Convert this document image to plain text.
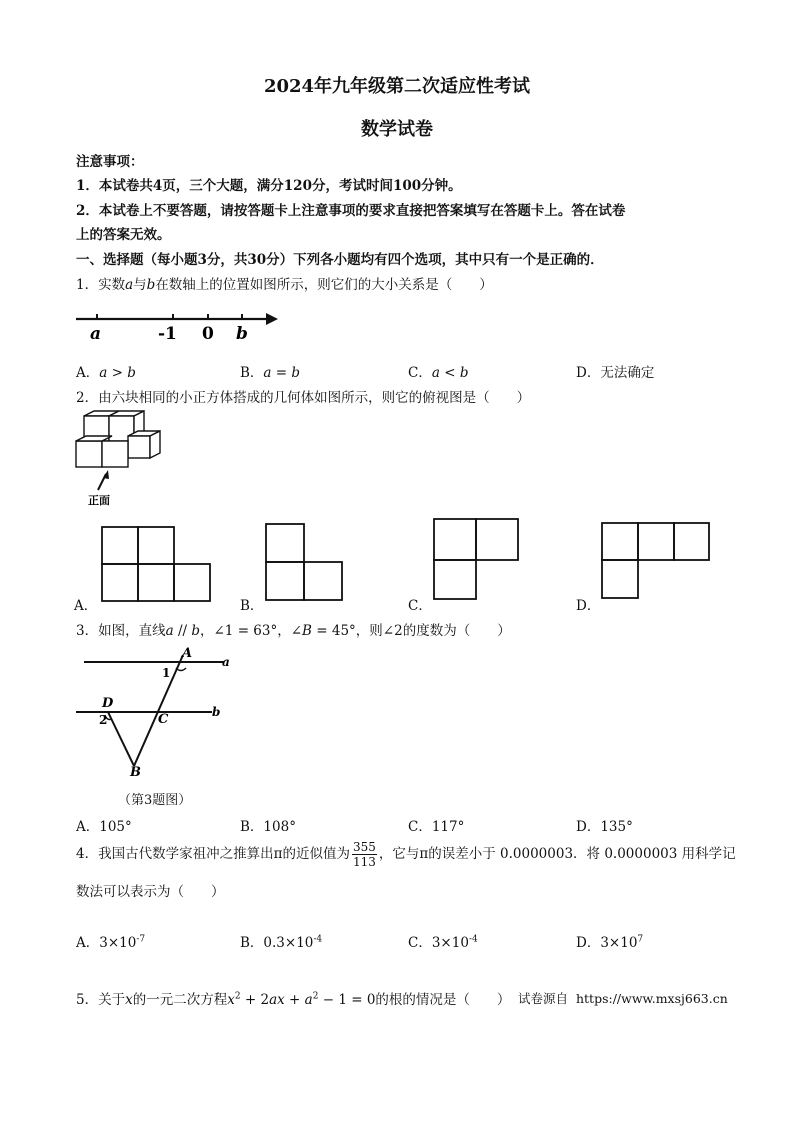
2024年九年级第二次适应性考试
数学试卷
注意事项：
1．本试卷共4页，三个大题，满分120分，考试时间100分钟。
2．本试卷上不要答题，请按答题卡上注意事项的要求直接把答案填写在答题卡上。答在试卷
上的答案无效。
一、选择题（每小题3分，共30分）下列各小题均有四个选项，其中只有一个是正确的．
1．实数a与b在数轴上的位置如图所示，则它们的大小关系是（　　）
a	-1 0 b
A．a > b	B．a = b	C．a < b	D．无法确定
2．由六块相同的小正方体搭成的几何体如图所示，则它的俯视图是（　　）
正面
A．	B．	C．	D．
3．如图，直线a // b，∠1 = 63°，∠B = 45°，则∠2的度数为（　　）
A
a
1
D
2	C	b
B
（第3题图）
A．105°	B．108°	C．117°	D．135°
4．我国古代数学家祖冲之推算出π的近似值为 $\frac{355}{113}$ ，它与π的误差小于 0.0000003．将 0.0000003 用科学记
数法可以表示为（　　）
A．$3\times 10^{-7}$	B．$0.3\times 10^{-4}$	C．$3\times 10^{-4}$	D．$3\times 10^7$
5．关于x的一元二次方程$x^2 + 2ax + a^2 - 1 = 0$的根的情况是（　　） 试卷源自 https://www.mxsj663.cn
